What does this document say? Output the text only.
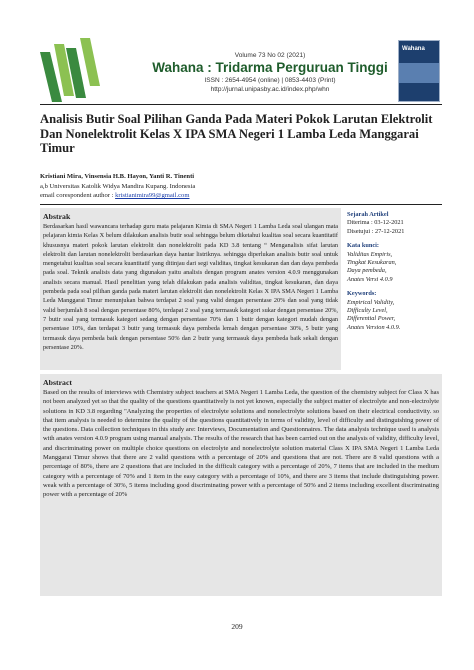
Volume 73 No 02 (2021)
Wahana : Tridarma Perguruan Tinggi
ISSN : 2654-4954 (online) | 0853-4403 (Print)
http://jurnal.unipasby.ac.id/index.php/whn
Wahana
Analisis Butir Soal Pilihan Ganda Pada Materi Pokok Larutan Elektrolit Dan Nonelektrolit Kelas X IPA SMA Negeri 1 Lamba Leda Manggarai Timur
Kristiani Mira, Vinsensia H.B. Hayon, Yanti R. Tinenti
a,b Universitas Katolik Widya Mandira Kupang. Indonesia
email corespondent author : kristianimira99@gmail.com
Abstrak

Berdasarkan hasil wawancara terhadap guru mata pelajaran Kimia di SMA Negeri 1 Lamba Leda soal ulangan mata pelajaran kimia Kelas X belum dilakukan analisis butir soal sehingga belum diketahui kualitas soal secara kuantitatif khususnya materi pokok larutan elektrolit dan nonelektrolit pada KD 3.8 tentang “ Menganalisis sifat larutan elektrolit dan larutan nonelektrolit berdasarkan daya hantar listriknya. sehingga diperlukan analisis butir soal untuk mengetahui kualitas soal secara kuantitatif yang ditinjau dari segi validitas, tingkat kesukaran dan dan daya pembeda pada soal. Teknik analisis data yang digunakan yaitu analisis dengan program anates version 4.0.9 menggunakan analisis secara manual. Hasil penelitian yang telah dilakukan pada analisis validitas, tingkat kesukaran, dan daya pembeda pada soal pilihan ganda pada materi larutan elektrolit dan nonelektrolit Kelas X IPA SMA Negeri 1 Lamba Leda Manggarai Timur menunjukan bahwa terdapat 2 soal yang valid dengan persentase 20% dan soal yang tidak valid berjumlah 8 soal dengan persentase 80%, terdapat 2 soal yang termasuk kategori sukar dengan persentase 20%, 7 butir soal yang termasuk kategori sedang dengan persentase 70% dan 1 butir dengan kategori mudah dengan persentase 10%, dan terdapat 3 butir yang termasuk daya pembeda lemah dengan persentase 30%, 5 butir yang termasuk daya pembeda baik dengan persentase 50% dan 2 butir yang termasuk daya pembeda baik sekali dengan persentase 20%.

Sejarah Artikel
Diterima : 03-12-2021
Disetujui : 27-12-2021
Kata kunci:
Validitas Empiris,
Tingkat Kesukaran,
Daya pembeda,
Anates Versi 4.0.9
Keywords:
Empirical Validity,
Difficulty Level,
Differential Power,
Anates Version 4.0.9.
Abstract

Based on the results of interviews with Chemistry subject teachers at SMA Negeri 1 Lamba Leda, the question of the chemistry subject for Class X has not been analyzed yet so that the quality of the questions quantitatively is not yet known, especially the subject matter of electrolyte and non-electrolyte solutions in KD 3.8 regarding "Analyzing the properties of electrolyte solutions and nonelectrolyte solutions based on their electrical conductivity. so that item analysis is needed to determine the quality of the questions quantitatively in terms of validity, level of difficulty and distinguishing power of the questions. Data collection techniques in this study are: Interviews, Documentation and Questionnaires. The data analysis technique used is analysis with anates version 4.0.9 program using manual analysis. The results of the research that has been carried out on the analysis of validity, difficulty level, and discriminating power on multiple choice questions on electrolyte and nonelectrolyte solution material Class X IPA SMA Negeri 1 Lamba Leda Manggarai Timur shows that there are 2 valid questions with a percentage of 20% and questions that are not. There are 8 valid questions with a percentage of 80%, there are 2 questions that are included in the difficult category with a percentage of 20%, 7 items that are included in the medium category with a percentage of 70% and 1 item in the easy category with a percentage of 10%, and there are 3 items that include distinguishing power. weak with a percentage of 30%, 5 items including good discriminating power with a percentage of 50% and 2 items including excellent discriminating power with a percentage of 20%

209
